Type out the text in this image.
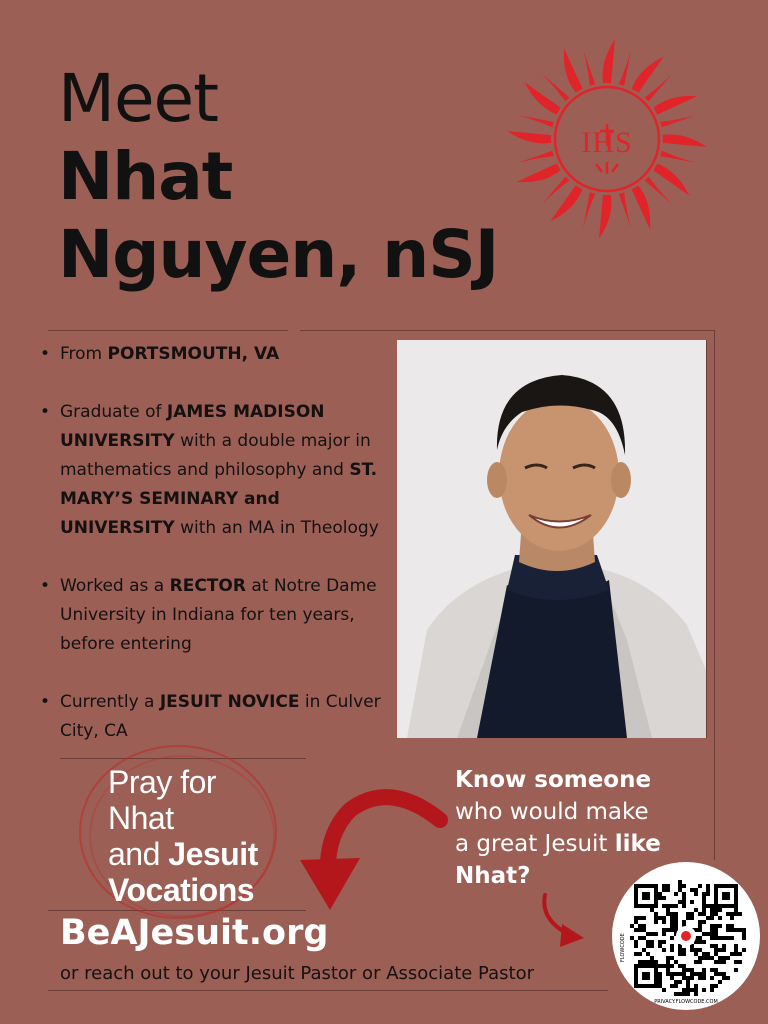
Meet
Nhat
Nguyen, nSJ
IHS
• From PORTSMOUTH, VA
• Graduate of JAMES MADISON UNIVERSITY with a double major in mathematics and philosophy and ST. MARY’S SEMINARY and UNIVERSITY with an MA in Theology
• Worked as a RECTOR at Notre Dame University in Indiana for ten years, before entering
• Currently a JESUIT NOVICE in Culver City, CA
Pray for
Nhat
and Jesuit
Vocations
Know someone
who would make
a great Jesuit like
Nhat?
BeAJesuit.org
or reach out to your Jesuit Pastor or Associate Pastor
FLOWCODE
PRIVACY.FLOWCODE.COM
